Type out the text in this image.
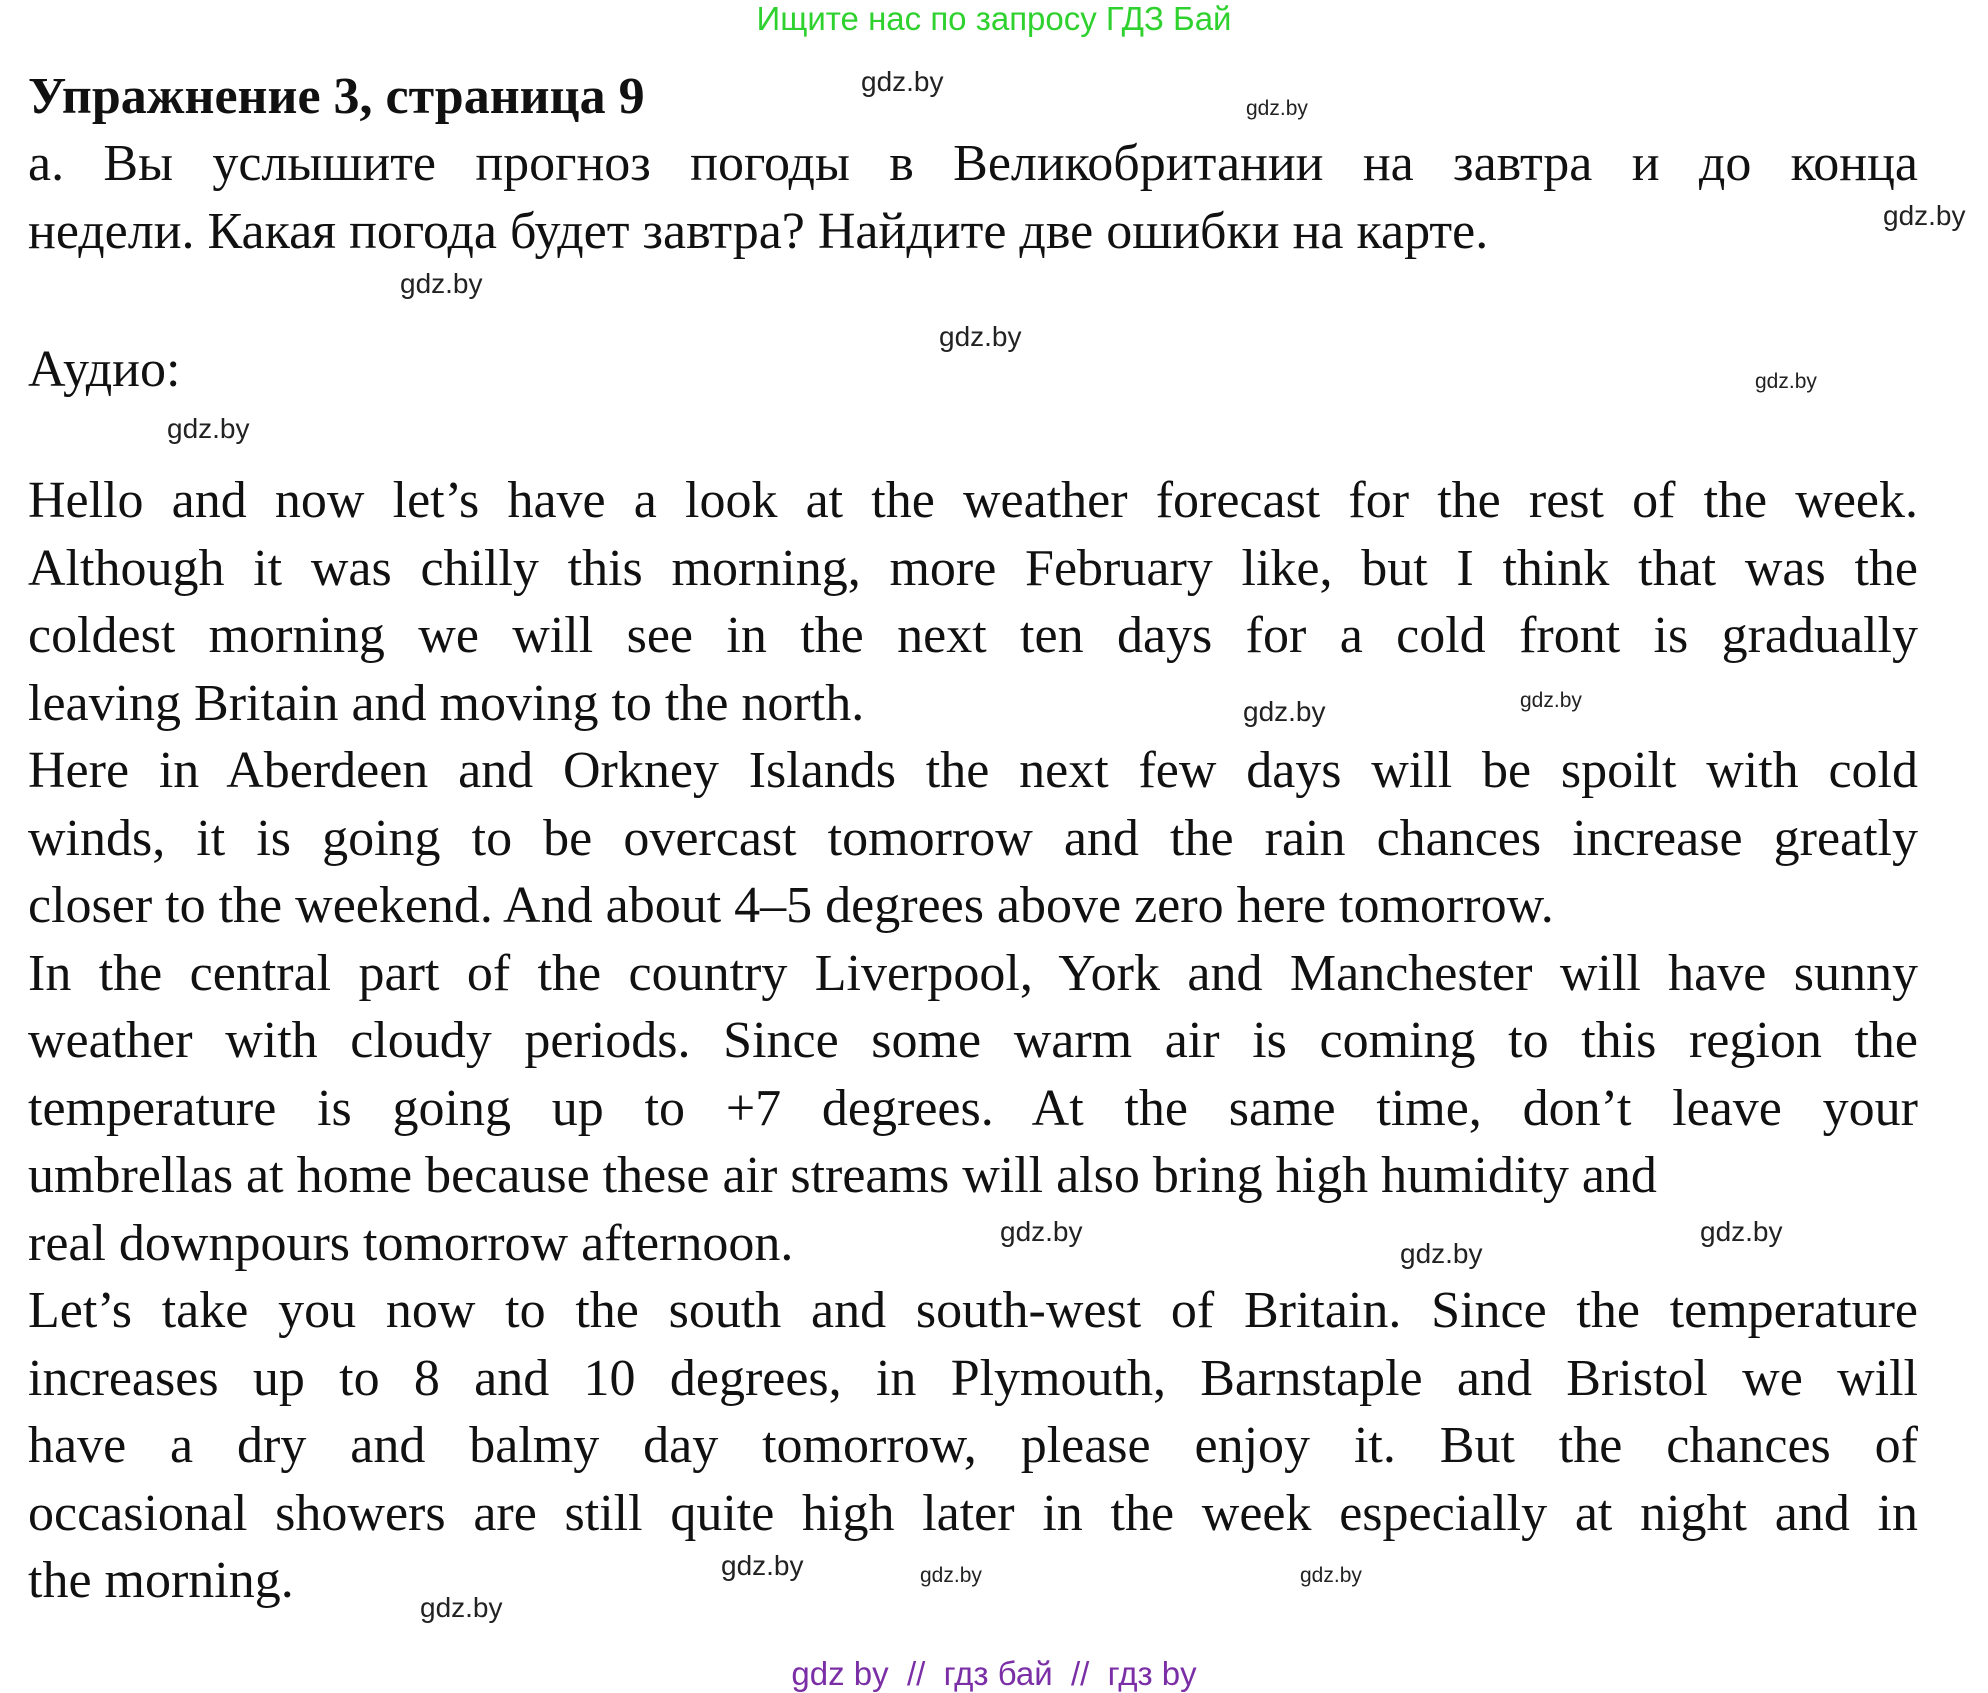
Ищите нас по запросу ГДЗ Бай
Упражнение 3, страница 9
а. Вы услышите прогноз погоды в Великобритании на завтра и до конца
недели. Какая погода будет завтра? Найдите две ошибки на карте.
Аудио:
Hello and now let’s have a look at the weather forecast for the rest of the week.
Although it was chilly this morning, more February like, but I think that was the
coldest morning we will see in the next ten days for a cold front is gradually
leaving Britain and moving to the north.
Here in Aberdeen and Orkney Islands the next few days will be spoilt with cold
winds, it is going to be overcast tomorrow and the rain chances increase greatly
closer to the weekend. And about 4–5 degrees above zero here tomorrow.
In the central part of the country Liverpool, York and Manchester will have sunny
weather with cloudy periods. Since some warm air is coming to this region the
temperature is going up to +7 degrees. At the same time, don’t leave your
umbrellas at home because these air streams will also bring high humidity and
real downpours tomorrow afternoon.
Let’s take you now to the south and south-west of Britain. Since the temperature
increases up to 8 and 10 degrees, in Plymouth, Barnstaple and Bristol we will
have a dry and balmy day tomorrow, please enjoy it. But the chances of
occasional showers are still quite high later in the week especially at night and in
the morning.
gdz.by
gdz.by
gdz.by
gdz.by
gdz.by
gdz.by
gdz.by
gdz.by	gdz.by
gdz.by
gdz.by
gdz.by
gdz.by	gdz.by
gdz.by
gdz.by
gdz by  //  гдз бай  //  гдз by
